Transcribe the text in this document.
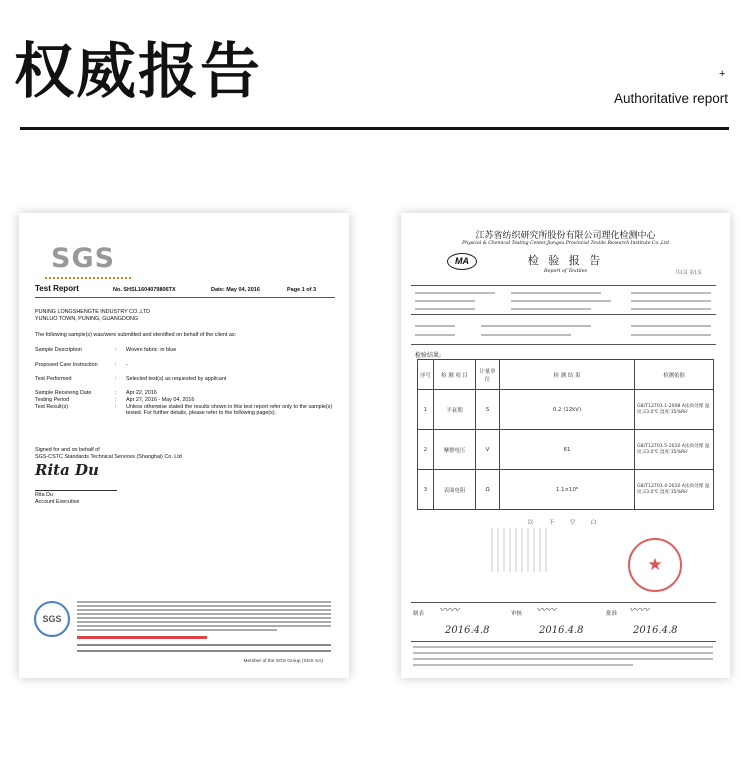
权威报告	+
Authoritative report
SGS
Test Report	No. SHSL1604079806TX	Date: May 04, 2016	Page 1 of 3
PUNING LONGSHENGTE INDUSTRY CO.,LTD
YUNLUO TOWN, PUNING, GUANGDONG
The following sample(s) was/were submitted and identified on behalf of the client as:
Sample Description	:	Woven fabric: in blue
Proposed Care Instruction	:	-
Test Performed	:	Selected test(s) as requested by applicant
Sample Receiving Date	:	Apr 22, 2016
Testing Period	:	Apr 27, 2016 - May 04, 2016
Test Result(s)	:	Unless otherwise stated the results shown in this test report refer only to the sample(s) tested. For further details, please refer to the following page(s).
Signed for and on behalf of
SGS-CSTC Standards Technical Services (Shanghai) Co. Ltd
Rita Du
Rita Du
Account Executive
SGS
Member of the SGS Group (SGS SA)
江苏省纺织研究所股份有限公司理化检测中心
Physical & Chemical Testing Center,Jiangsu Provincial Textile Research Institute Co.,Ltd
MA	检 验 报 告
Report of Textiles	共1页 第1页
检验结果:
序号	检 测 项 目	计量单位	检 测 结 果	检测依据
1	半衰期	S	0.2 (12kV)	GB/T12703.1-2008 A法预处理 温度:23.0℃ 湿度:35%RH
2	摩擦电压	V	61	GB/T12703.5-2010 A法预处理 温度:23.0℃ 湿度:35%RH
3	表面电阻	Ω	1.1×10⁸	GB/T12703.4-2010 A法预处理 温度:23.0℃ 湿度:35%RH
以 下 空 白
★
制表	审核	批准
〰〰	〰〰	〰〰
2016.4.8	2016.4.8	2016.4.8
